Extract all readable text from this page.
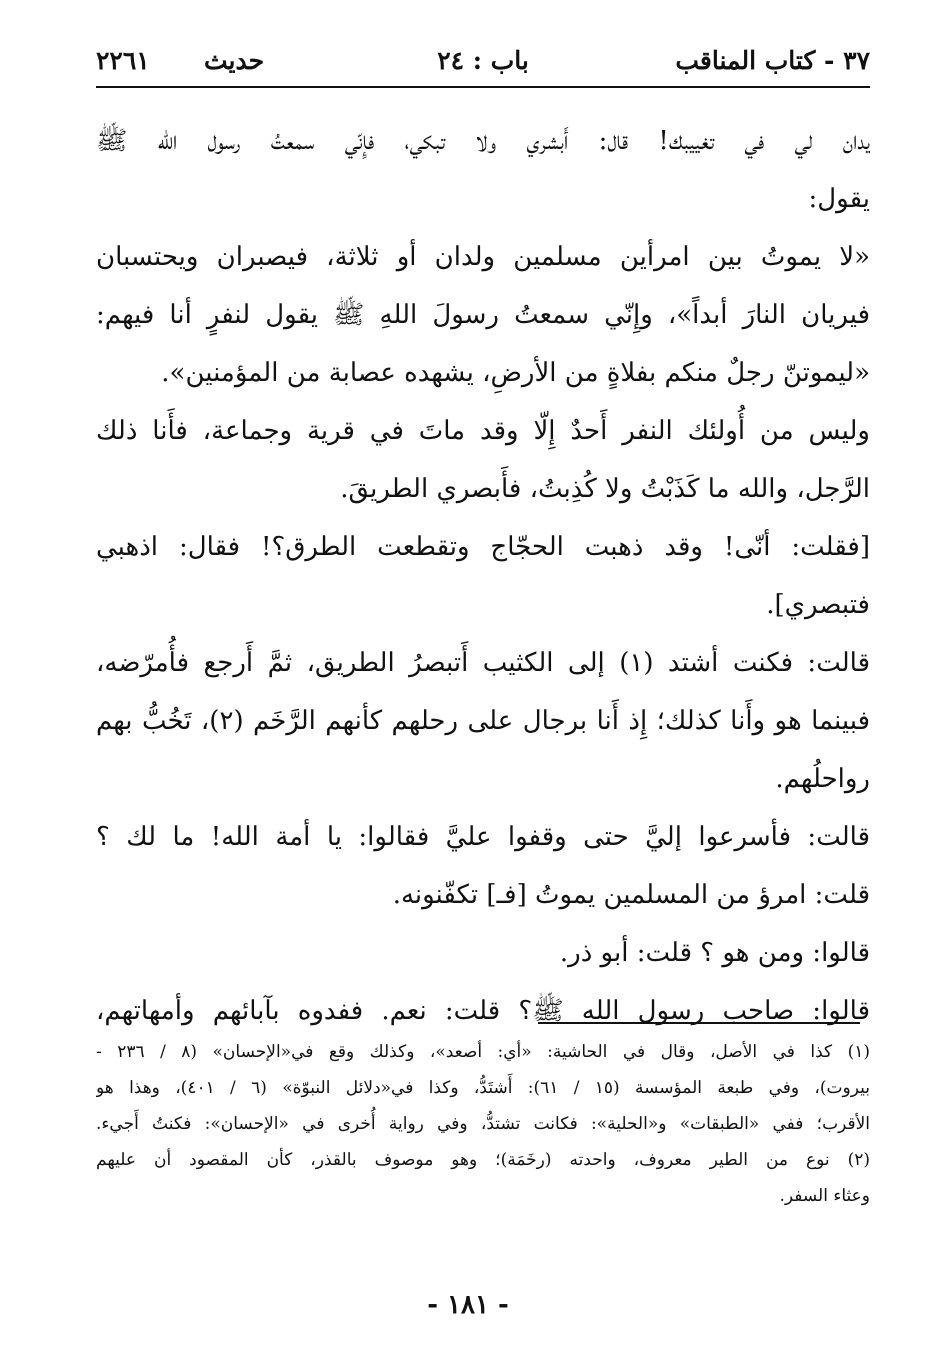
٣٧ - كتاب المناقب
باب : ٢٤
حديث
٢٢٦١
يدان لي في تغييبك! قال: أَبشري ولا تبكي، فإِنّي سمعتُ رسول الله ﷺ
يقول:
«لا يموتُ بين امرأين مسلمين ولدان أو ثلاثة، فيصبران ويحتسبان
فيريان النارَ أبداً»، وإِنّي سمعتُ رسولَ اللهِ ﷺ يقول لنفرٍ أنا فيهم:
«ليموتنّ رجلٌ منكم بفلاةٍ من الأرضِ، يشهده عصابة من المؤمنين».
وليس من أُولئك النفر أَحدٌ إِلّا وقد ماتَ في قرية وجماعة، فأَنا ذلك
الرَّجل، والله ما كَذَبْتُ ولا كُذِبتُ، فأَبصري الطريقَ.
[فقلت: أنّى! وقد ذهبت الحجّاج وتقطعت الطرق؟! فقال: اذهبي
فتبصري].
قالت: فكنت أشتد (١) إلى الكثيب أَتبصرُ الطريق، ثمَّ أَرجع فأُمرّضه،
فبينما هو وأَنا كذلك؛ إِذ أَنا برجال على رحلهم كأنهم الرَّخَم (٢)، تَخُبُّ بهم
رواحلُهم.
قالت: فأسرعوا إليَّ حتى وقفوا عليَّ فقالوا: يا أمة الله! ما لك ؟
قلت: امرؤ من المسلمين يموتُ [فـ] تكفّنونه.
قالوا: ومن هو ؟ قلت: أبو ذر.
قالوا: صاحب رسول الله ﷺ؟ قلت: نعم. ففدوه بآبائهم وأمهاتهم،
(١) كذا في الأصل، وقال في الحاشية: «أي: أصعد»، وكذلك وقع في«الإحسان» (٨ / ٢٣٦ -
بيروت)، وفي طبعة المؤسسة (١٥ / ٦١): أَشتَدُّ، وكذا في«دلائل النبوّة» (٦ / ٤٠١)، وهذا هو
الأقرب؛ ففي «الطبقات» و«الحلية»: فكانت تشتدُّ، وفي رواية أُخرى في «الإحسان»: فكنتُ أَجيء.
(٢) نوع من الطير معروف، واحدته (رخَمَة)؛ وهو موصوف بالقذر، كأن المقصود أن عليهم
وعثاء السفر.
- ١٨١ -
